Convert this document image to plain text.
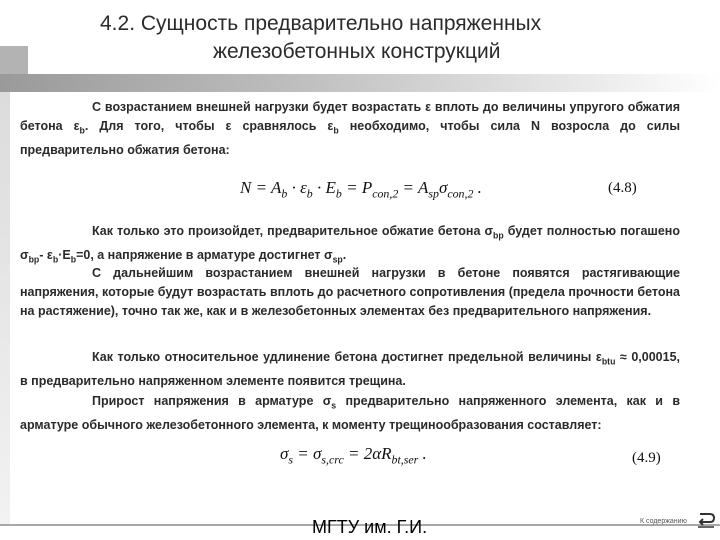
4.2. Сущность предварительно напряженных
железобетонных конструкций
С возрастанием внешней нагрузки будет возрастать ε вплоть до величины упругого обжатия бетона $\varepsilon_b$. Для того, чтобы ε сравнялось $\varepsilon_b$ необходимо, чтобы сила N возросла до силы предварительно обжатия бетона:
$N = A_b \cdot \varepsilon_b \cdot E_b = P_{con,2} = A_{sp}\sigma_{con,2}$ .	(4.8)
Как только это произойдет, предварительное обжатие бетона $\sigma_{bp}$ будет полностью погашено $\sigma_{bp}-$ $\varepsilon_b\cdot E_b=0$, а напряжение в арматуре достигнет $\sigma_{sp}$.
С дальнейшим возрастанием внешней нагрузки в бетоне появятся растягивающие напряжения, которые будут возрастать вплоть до расчетного сопротивления (предела прочности бетона на растяжение), точно так же, как и в железобетонных элементах без предварительного напряжения.
Как только относительное удлинение бетона достигнет предельной величины $\varepsilon_{btu} \approx 0,00015$, в предварительно напряженном элементе появится трещина.
Прирост напряжения в арматуре $\sigma_s$ предварительно напряженного элемента, как и в арматуре обычного железобетонного элемента, к моменту трещинообразования составляет:
$\sigma_s = \sigma_{s,crc} = 2\alpha R_{bt,ser}$ .	(4.9)
МГТУ им. Г.И.	К содержанию
